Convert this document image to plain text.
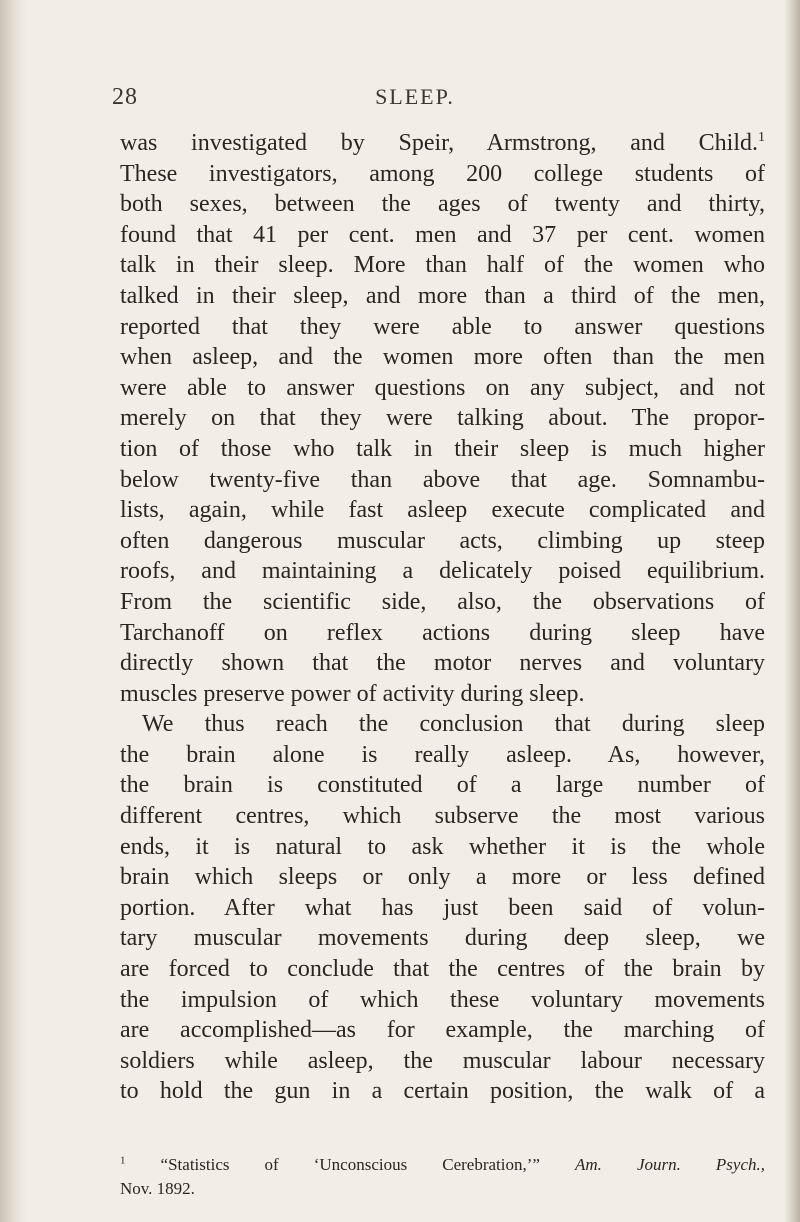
28	SLEEP.
was investigated by Speir, Armstrong, and Child.$^1$
These investigators, among 200 college students of
both sexes, between the ages of twenty and thirty,
found that 41 per cent. men and 37 per cent. women
talk in their sleep. More than half of the women who
talked in their sleep, and more than a third of the men,
reported that they were able to answer questions
when asleep, and the women more often than the men
were able to answer questions on any subject, and not
merely on that they were talking about. The propor-
tion of those who talk in their sleep is much higher
below twenty-five than above that age. Somnambu-
lists, again, while fast asleep execute complicated and
often dangerous muscular acts, climbing up steep
roofs, and maintaining a delicately poised equilibrium.
From the scientific side, also, the observations of
Tarchanoff on reflex actions during sleep have
directly shown that the motor nerves and voluntary
muscles preserve power of activity during sleep.
We thus reach the conclusion that during sleep
the brain alone is really asleep. As, however,
the brain is constituted of a large number of
different centres, which subserve the most various
ends, it is natural to ask whether it is the whole
brain which sleeps or only a more or less defined
portion. After what has just been said of volun-
tary muscular movements during deep sleep, we
are forced to conclude that the centres of the brain by
the impulsion of which these voluntary movements
are accomplished—as for example, the marching of
soldiers while asleep, the muscular labour necessary
to hold the gun in a certain position, the walk of a
$^1$ “Statistics of ‘Unconscious Cerebration,’” Am. Journ. Psych.,
Nov. 1892.
